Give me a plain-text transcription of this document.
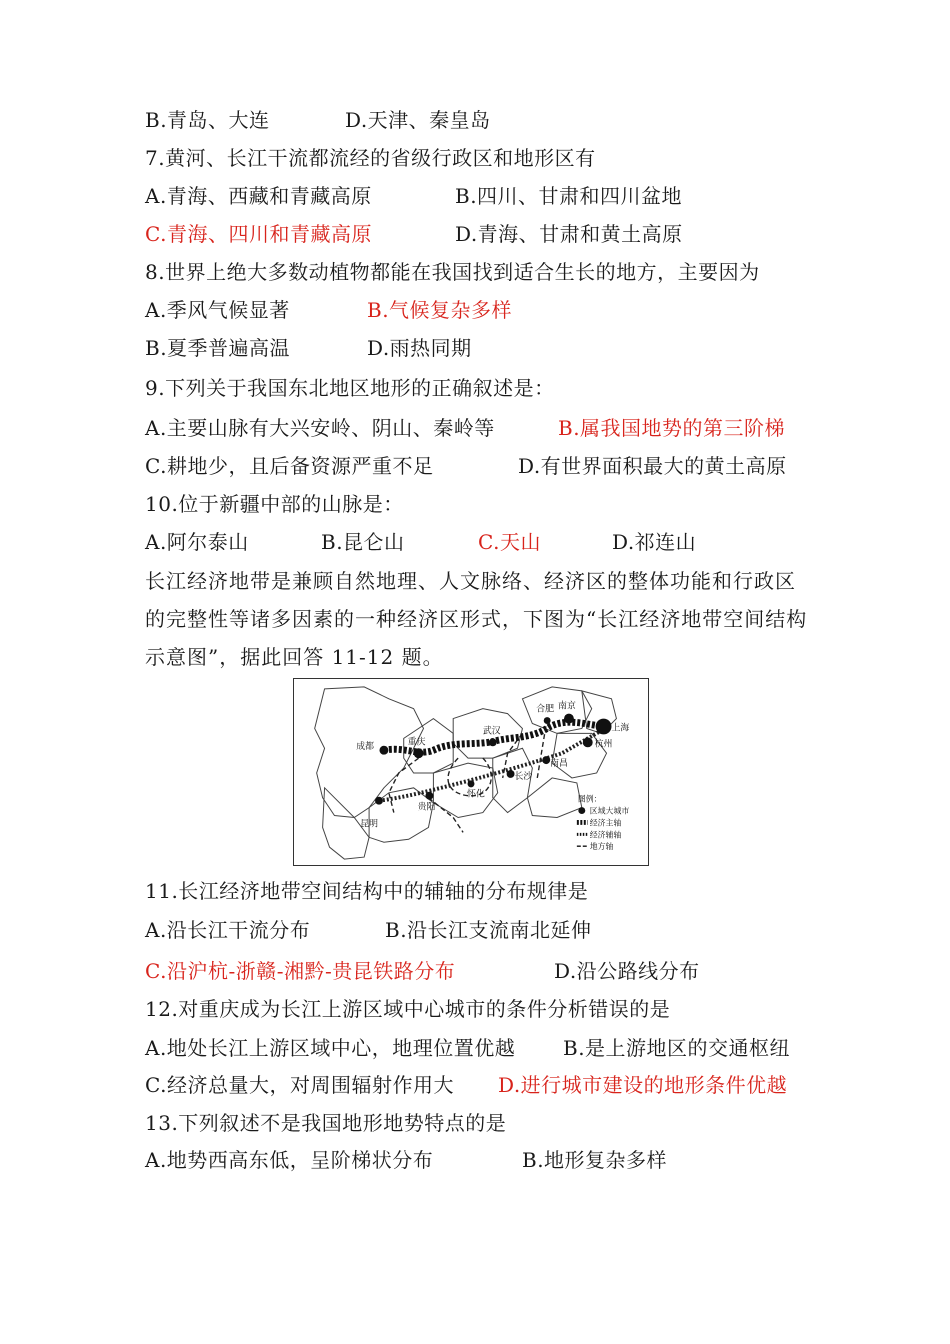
B.青岛、大连	D.天津、秦皇岛
7.黄河、长江干流都流经的省级行政区和地形区有
A.青海、西藏和青藏高原	B.四川、甘肃和四川盆地
C.青海、四川和青藏高原	D.青海、甘肃和黄土高原
8.世界上绝大多数动植物都能在我国找到适合生长的地方，主要因为
A.季风气候显著	B.气候复杂多样
B.夏季普遍高温	D.雨热同期
9.下列关于我国东北地区地形的正确叙述是：
A.主要山脉有大兴安岭、阴山、秦岭等	B.属我国地势的第三阶梯
C.耕地少，且后备资源严重不足	D.有世界面积最大的黄土高原
10.位于新疆中部的山脉是：
A.阿尔泰山	B.昆仑山	C.天山	D.祁连山
长江经济地带是兼顾自然地理、人文脉络、经济区的整体功能和行政区的完整性等诸多因素的一种经济区形式，下图为“长江经济地带空间结构示意图”，据此回答 11-12 题。
成都	重庆
武汉
合肥 南京
上海
杭州
南昌
长沙
怀化
贵阳
昆明
图例：
区域大城市
经济主轴
经济辅轴
地方轴
11.长江经济地带空间结构中的辅轴的分布规律是
A.沿长江干流分布	B.沿长江支流南北延伸
C.沿沪杭-浙赣-湘黔-贵昆铁路分布	D.沿公路线分布
12.对重庆成为长江上游区域中心城市的条件分析错误的是
A.地处长江上游区域中心，地理位置优越 B.是上游地区的交通枢纽
C.经济总量大，对周围辐射作用大 D.进行城市建设的地形条件优越
13.下列叙述不是我国地形地势特点的是
A.地势西高东低，呈阶梯状分布	B.地形复杂多样
